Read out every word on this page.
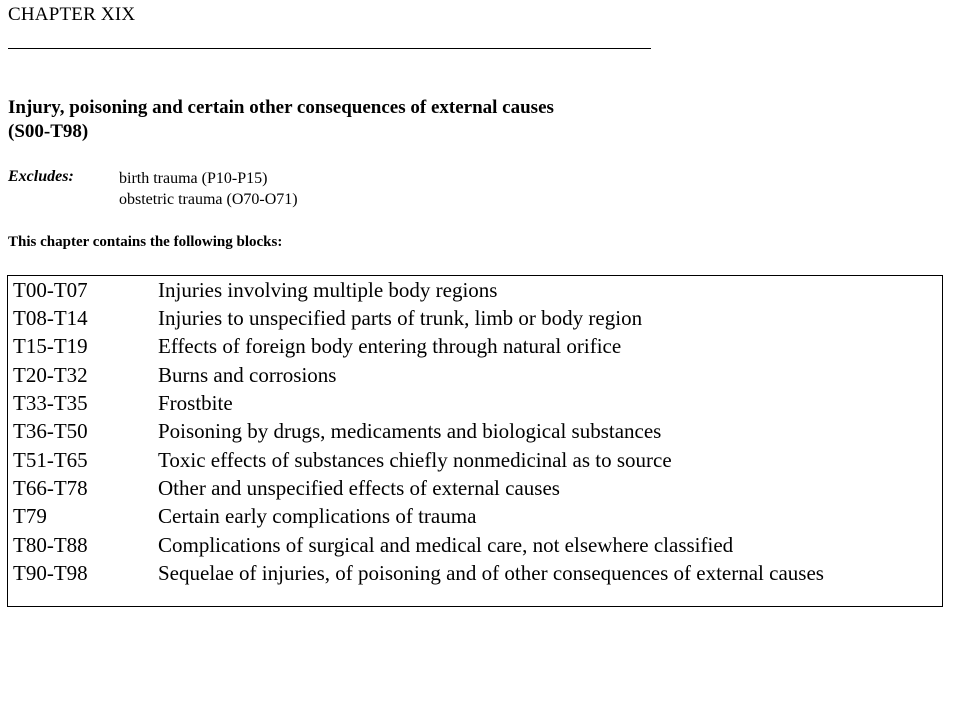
CHAPTER XIX
Injury, poisoning and certain other consequences of external causes
(S00-T98)
Excludes:	birth trauma (P10-P15)
obstetric trauma (O70-O71)
This chapter contains the following blocks:
T00-T07	Injuries involving multiple body regions
T08-T14	Injuries to unspecified parts of trunk, limb or body region
T15-T19	Effects of foreign body entering through natural orifice
T20-T32	Burns and corrosions
T33-T35	Frostbite
T36-T50	Poisoning by drugs, medicaments and biological substances
T51-T65	Toxic effects of substances chiefly nonmedicinal as to source
T66-T78	Other and unspecified effects of external causes
T79	Certain early complications of trauma
T80-T88	Complications of surgical and medical care, not elsewhere classified
T90-T98	Sequelae of injuries, of poisoning and of other consequences of external causes
